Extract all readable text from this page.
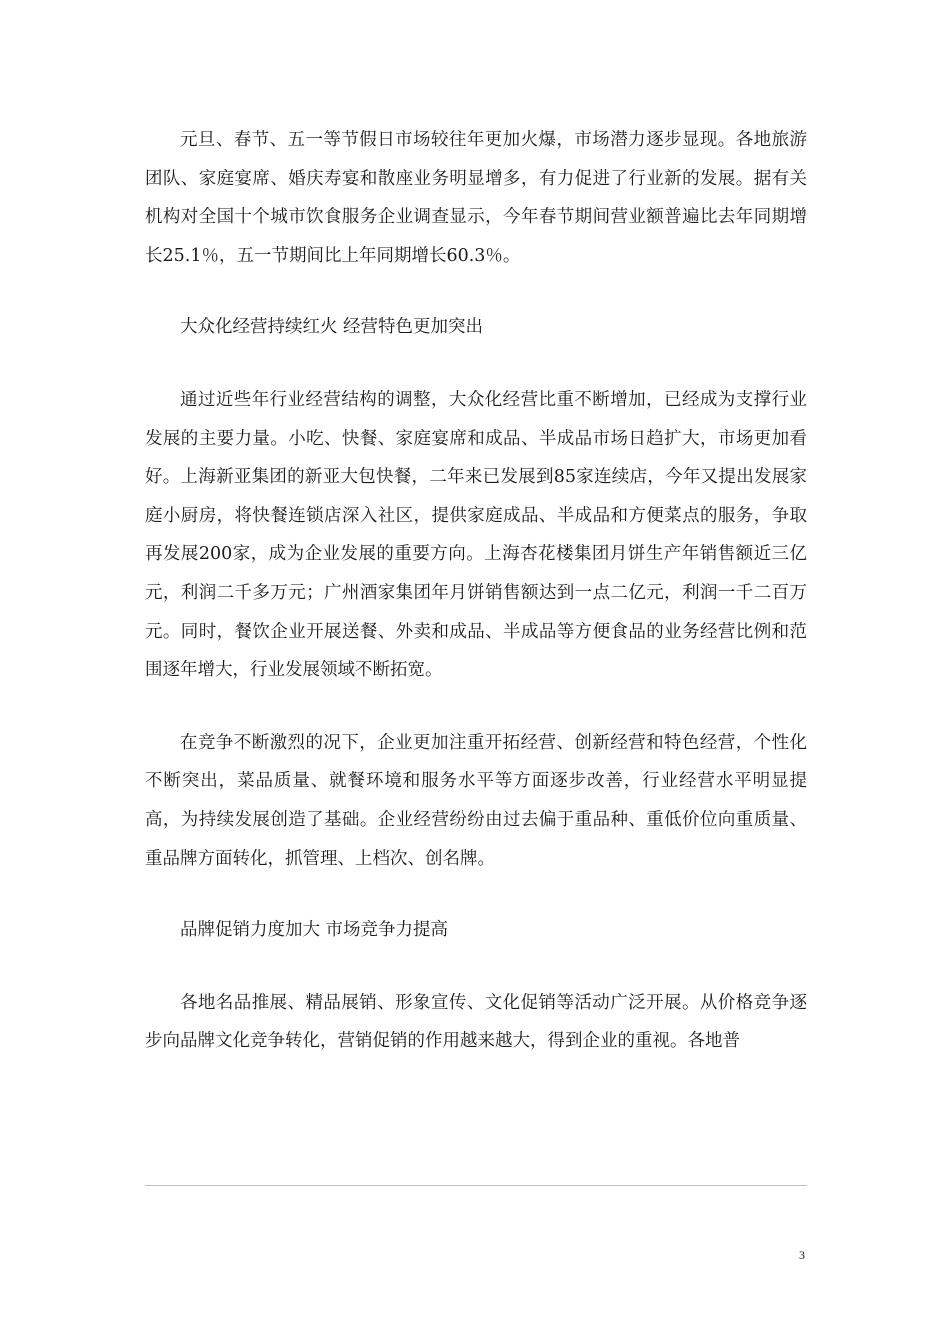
元旦、春节、五一等节假日市场较往年更加火爆，市场潜力逐步显现。各地旅游团队、家庭宴席、婚庆寿宴和散座业务明显增多，有力促进了行业新的发展。据有关机构对全国十个城市饮食服务企业调查显示，今年春节期间营业额普遍比去年同期增长25.1％，五一节期间比上年同期增长60.3％。

大众化经营持续红火 经营特色更加突出

通过近些年行业经营结构的调整，大众化经营比重不断增加，已经成为支撑行业发展的主要力量。小吃、快餐、家庭宴席和成品、半成品市场日趋扩大，市场更加看好。上海新亚集团的新亚大包快餐，二年来已发展到85家连续店，今年又提出发展家庭小厨房，将快餐连锁店深入社区，提供家庭成品、半成品和方便菜点的服务，争取再发展200家，成为企业发展的重要方向。上海杏花楼集团月饼生产年销售额近三亿元，利润二千多万元；广州酒家集团年月饼销售额达到一点二亿元，利润一千二百万元。同时，餐饮企业开展送餐、外卖和成品、半成品等方便食品的业务经营比例和范围逐年增大，行业发展领域不断拓宽。

在竞争不断激烈的况下，企业更加注重开拓经营、创新经营和特色经营，个性化不断突出，菜品质量、就餐环境和服务水平等方面逐步改善，行业经营水平明显提高，为持续发展创造了基础。企业经营纷纷由过去偏于重品种、重低价位向重质量、重品牌方面转化，抓管理、上档次、创名牌。

品牌促销力度加大 市场竞争力提高

各地名品推展、精品展销、形象宣传、文化促销等活动广泛开展。从价格竞争逐步向品牌文化竞争转化，营销促销的作用越来越大，得到企业的重视。各地普

3
